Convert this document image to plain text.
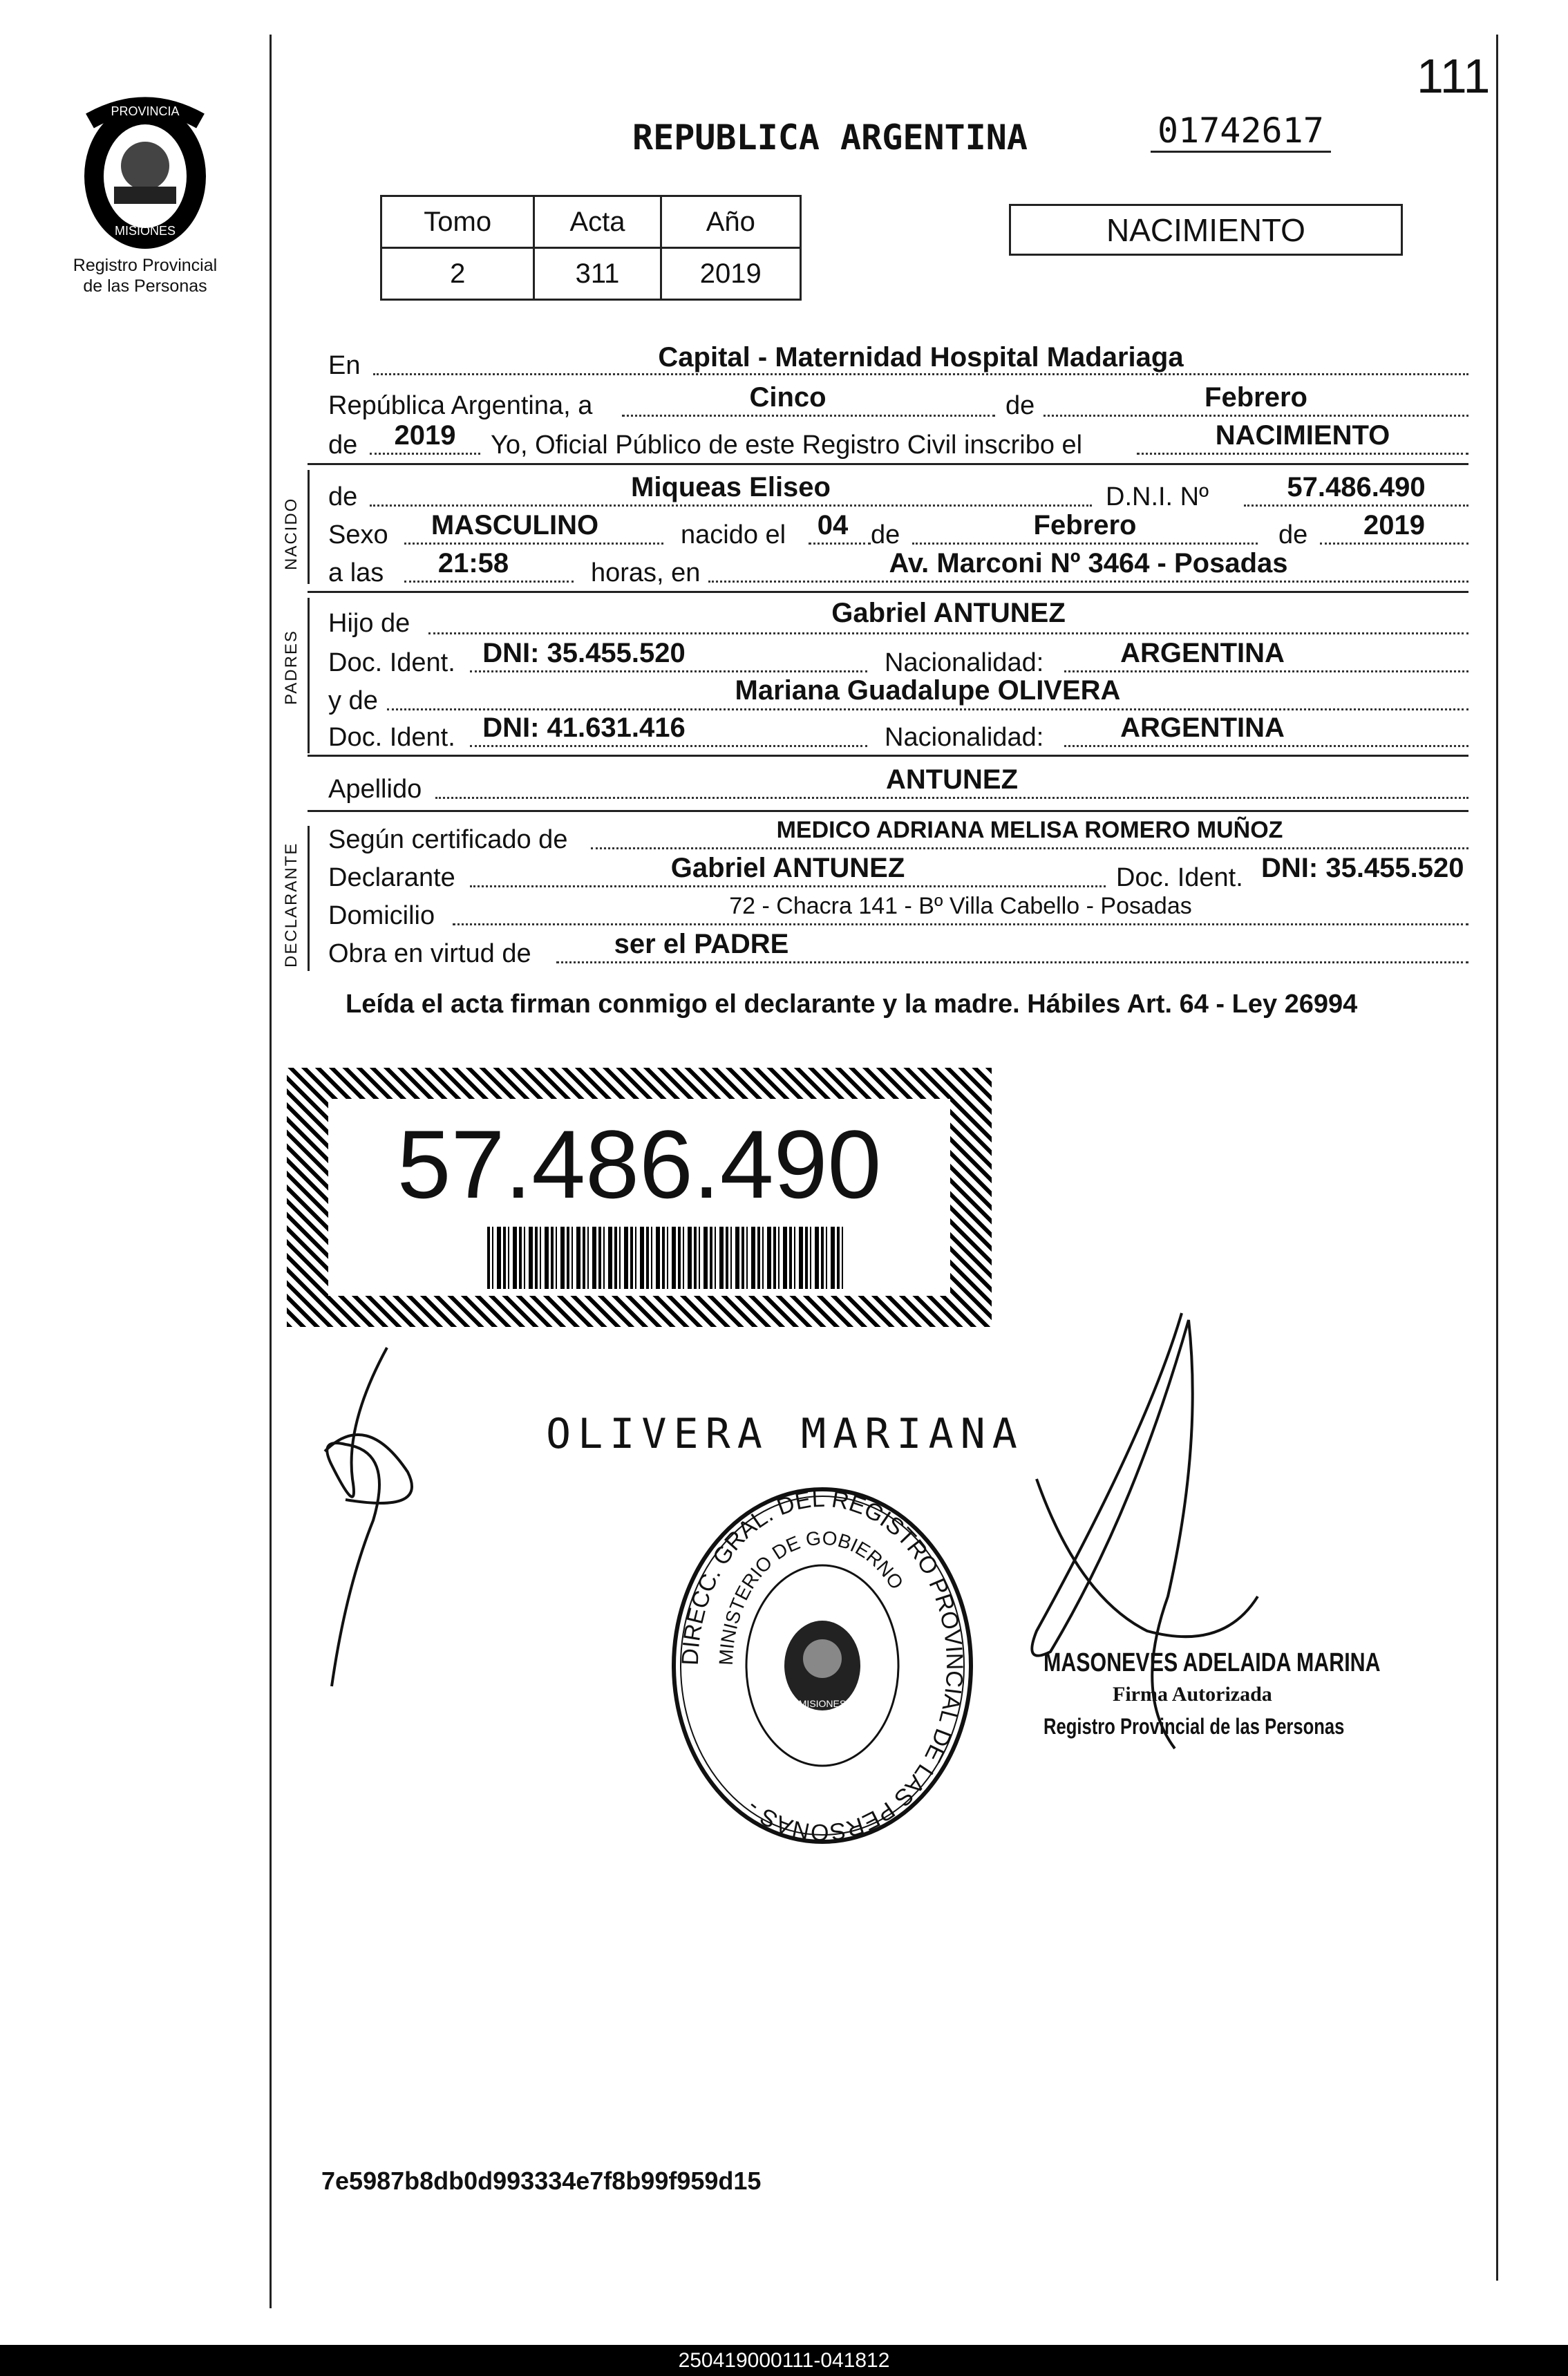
111
PROVINCIA
MISIONES
Registro Provincial
de las Personas
REPUBLICA ARGENTINA	01742617
NACIMIENTO
Tomo	Acta	Año
2	311	2019
En	Capital - Maternidad Hospital Madariaga
República Argentina, a	Cinco	de	Febrero
de	2019	Yo, Oficial Público de este Registro Civil inscribo el	NACIMIENTO
NACIDO
de	Miqueas Eliseo	D.N.I. Nº	57.486.490
Sexo	MASCULINO	nacido el	04 de	Febrero	de	2019
a las	21:58	horas, en	Av. Marconi Nº 3464 - Posadas
PADRES
Hijo de	Gabriel ANTUNEZ
Doc. Ident. DNI: 35.455.520	Nacionalidad:	ARGENTINA
y de	Mariana Guadalupe OLIVERA
Doc. Ident. DNI: 41.631.416	Nacionalidad:	ARGENTINA
Apellido	ANTUNEZ
DECLARANTE
Según certificado de	MEDICO ADRIANA MELISA ROMERO MUÑOZ
Declarante	Gabriel ANTUNEZ	Doc. Ident. DNI: 35.455.520
Domicilio	72 - Chacra 141 - Bº Villa Cabello - Posadas
Obra en virtud de	ser el PADRE
Leída el acta firman conmigo el declarante y la madre. Hábiles Art. 64 - Ley 26994
57.486.490
OLIVERA MARIANA
DIRECC. GRAL. DEL REGISTRO PROVINCIAL DE LAS PERSONAS -
MINISTERIO DE GOBIERNO
MISIONES
MASONEVES ADELAIDA MARINA
Firma Autorizada
Registro Provincial de las Personas
7e5987b8db0d993334e7f8b99f959d15
250419000111-041812
